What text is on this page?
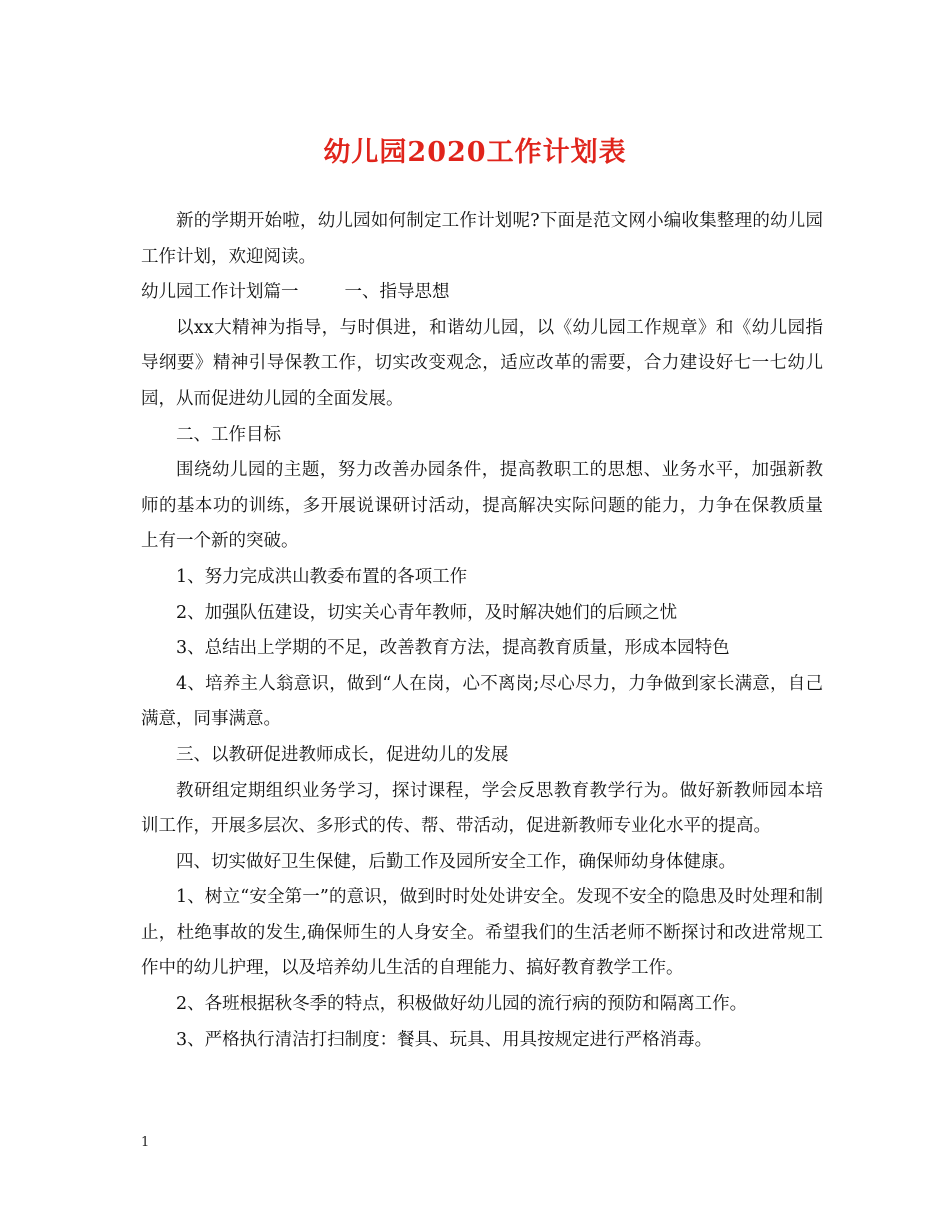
幼儿园2020工作计划表

新的学期开始啦，幼儿园如何制定工作计划呢?下面是范文网小编收集整理的幼儿园工作计划，欢迎阅读。

幼儿园工作计划篇一	一、指导思想

以xx大精神为指导，与时俱进，和谐幼儿园，以《幼儿园工作规章》和《幼儿园指导纲要》精神引导保教工作，切实改变观念，适应改革的需要，合力建设好七一七幼儿园，从而促进幼儿园的全面发展。

二、工作目标

围绕幼儿园的主题，努力改善办园条件，提高教职工的思想、业务水平，加强新教师的基本功的训练，多开展说课研讨活动，提高解决实际问题的能力，力争在保教质量上有一个新的突破。

1、努力完成洪山教委布置的各项工作

2、加强队伍建设，切实关心青年教师，及时解决她们的后顾之忧

3、总结出上学期的不足，改善教育方法，提高教育质量，形成本园特色

4、培养主人翁意识，做到“人在岗，心不离岗;尽心尽力，力争做到家长满意，自己满意，同事满意。

三、以教研促进教师成长，促进幼儿的发展

教研组定期组织业务学习，探讨课程，学会反思教育教学行为。做好新教师园本培训工作，开展多层次、多形式的传、帮、带活动，促进新教师专业化水平的提高。

四、切实做好卫生保健，后勤工作及园所安全工作，确保师幼身体健康。

1、树立“安全第一”的意识，做到时时处处讲安全。发现不安全的隐患及时处理和制止，杜绝事故的发生,确保师生的人身安全。希望我们的生活老师不断探讨和改进常规工作中的幼儿护理，以及培养幼儿生活的自理能力、搞好教育教学工作。

2、各班根据秋冬季的特点，积极做好幼儿园的流行病的预防和隔离工作。

3、严格执行清洁打扫制度：餐具、玩具、用具按规定进行严格消毒。

1
